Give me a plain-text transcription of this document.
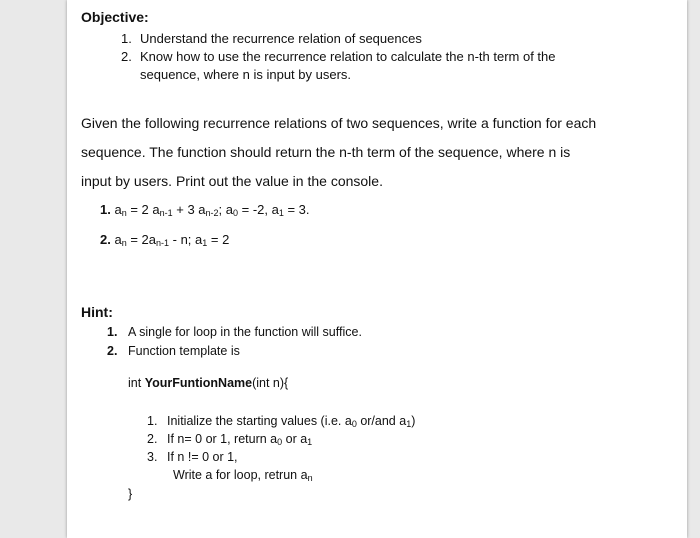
Objective:
1. Understand the recurrence relation of sequences
2. Know how to use the recurrence relation to calculate the n-th term of the
sequence, where n is input by users.
Given the following recurrence relations of two sequences, write a function for each
sequence. The function should return the n-th term of the sequence, where n is
input by users. Print out the value in the console.
1. $a_n = 2$ $a_{n-1} + 3$ $a_{n-2}$; $a_0 = -2$, $a_1 = 3$.
2. $a_n = 2a_{n-1} - n$; $a_1 = 2$
Hint:
1. A single for loop in the function will suffice.
2. Function template is
int YourFuntionName(int n){
1. Initialize the starting values (i.e. $a_0$ or/and $a_1$)
2. If n= 0 or 1, return $a_0$ or $a_1$
3. If n != 0 or 1,
Write a for loop, retrun $a_n$
}
